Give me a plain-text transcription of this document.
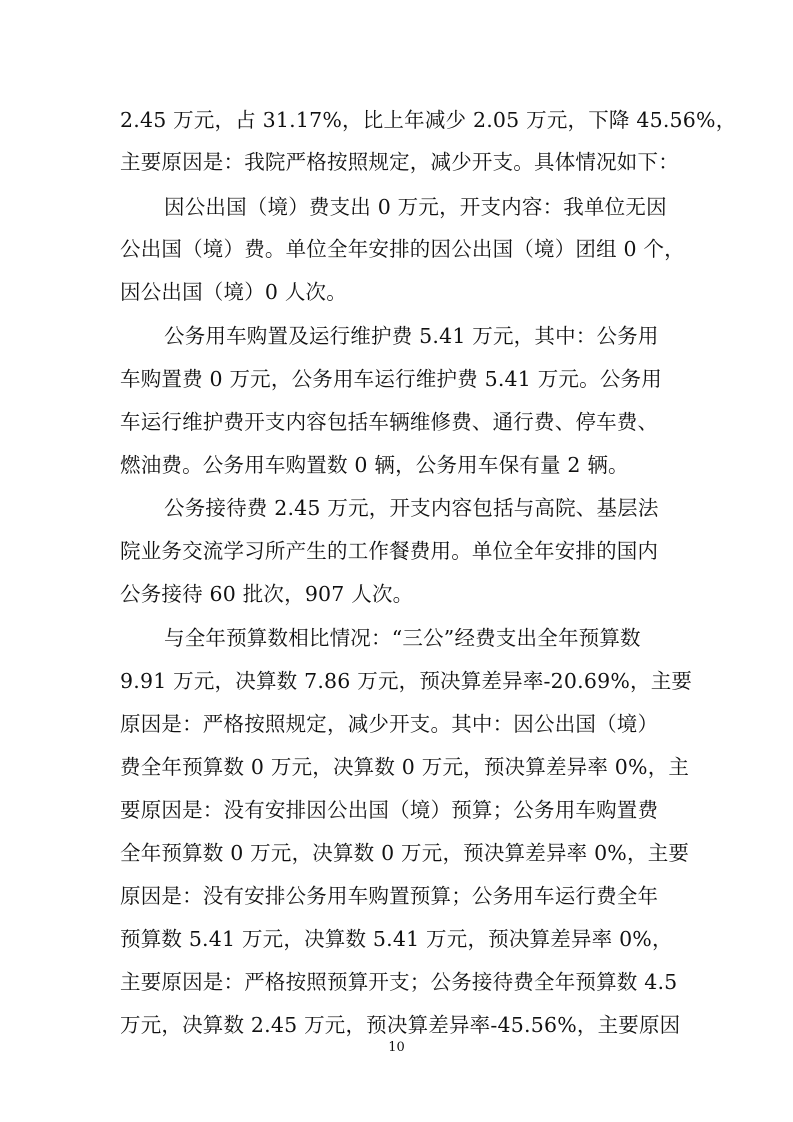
2.45 万元，占 31.17%，比上年减少 2.05 万元，下降 45.56%，
主要原因是：我院严格按照规定，减少开支。具体情况如下：
因公出国（境）费支出 0 万元，开支内容：我单位无因
公出国（境）费。单位全年安排的因公出国（境）团组 0 个，
因公出国（境）0 人次。
公务用车购置及运行维护费 5.41 万元，其中：公务用
车购置费 0 万元，公务用车运行维护费 5.41 万元。公务用
车运行维护费开支内容包括车辆维修费、通行费、停车费、
燃油费。公务用车购置数 0 辆，公务用车保有量 2 辆。
公务接待费 2.45 万元，开支内容包括与高院、基层法
院业务交流学习所产生的工作餐费用。单位全年安排的国内
公务接待 60 批次，907 人次。
与全年预算数相比情况：“三公”经费支出全年预算数
9.91 万元，决算数 7.86 万元，预决算差异率-20.69%，主要
原因是：严格按照规定，减少开支。其中：因公出国（境）
费全年预算数 0 万元，决算数 0 万元，预决算差异率 0%，主
要原因是：没有安排因公出国（境）预算；公务用车购置费
全年预算数 0 万元，决算数 0 万元，预决算差异率 0%，主要
原因是：没有安排公务用车购置预算；公务用车运行费全年
预算数 5.41 万元，决算数 5.41 万元，预决算差异率 0%，
主要原因是：严格按照预算开支；公务接待费全年预算数 4.5
万元，决算数 2.45 万元，预决算差异率-45.56%，主要原因
10
